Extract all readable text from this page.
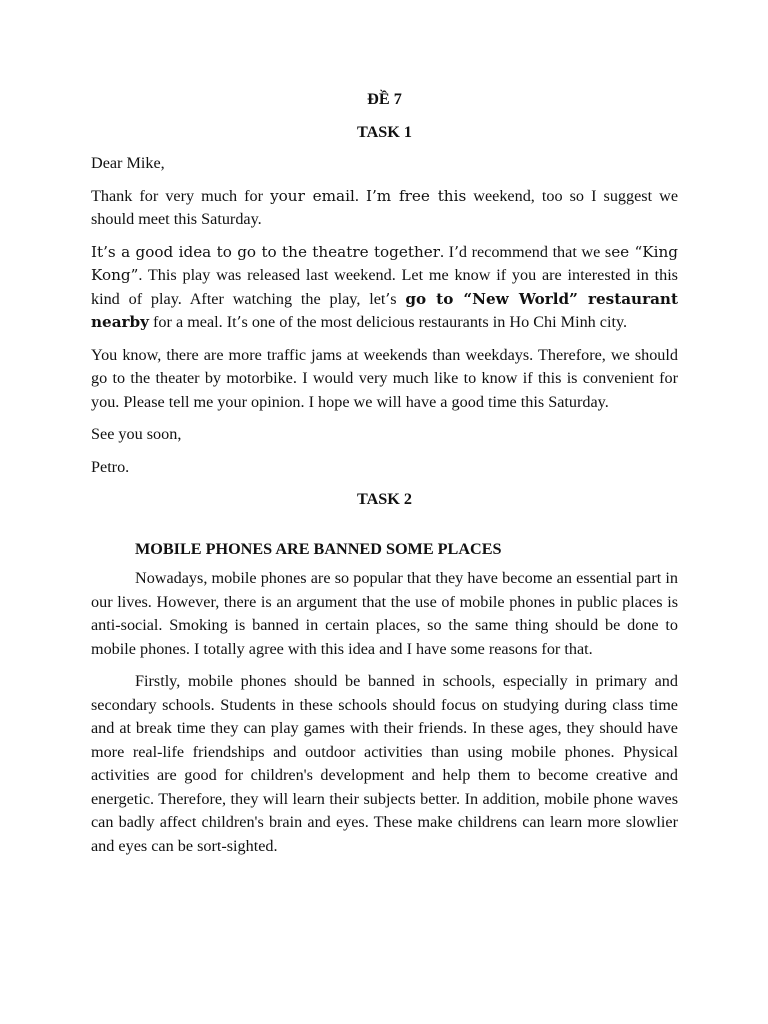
ĐỀ 7
TASK 1
Dear Mike,

Thank for very much for your email. I’m free this weekend, too so I suggest we should meet this Saturday.

It’s a good idea to go to the theatre together. I’d recommend that we see “King Kong”. This play was released last weekend. Let me know if you are interested in this kind of play. After watching the play, let’s go to “New World” restaurant nearby for a meal. It’s one of the most delicious restaurants in Ho Chi Minh city.

You know, there are more traffic jams at weekends than weekdays. Therefore, we should go to the theater by motorbike. I would very much like to know if this is convenient for you. Please tell me your opinion. I hope we will have a good time this Saturday.

See you soon,
Petro.
TASK 2
MOBILE PHONES ARE BANNED SOME PLACES

Nowadays, mobile phones are so popular that they have become an essential part in our lives. However, there is an argument that the use of mobile phones in public places is anti-social. Smoking is banned in certain places, so the same thing should be done to mobile phones. I totally agree with this idea and I have some reasons for that.

Firstly, mobile phones should be banned in schools, especially in primary and secondary schools. Students in these schools should focus on studying during class time and at break time they can play games with their friends. In these ages, they should have more real-life friendships and outdoor activities than using mobile phones. Physical activities are good for children's development and help them to become creative and energetic. Therefore, they will learn their subjects better. In addition, mobile phone waves can badly affect children's brain and eyes. These make childrens can learn more slowlier and eyes can be sort-sighted.
